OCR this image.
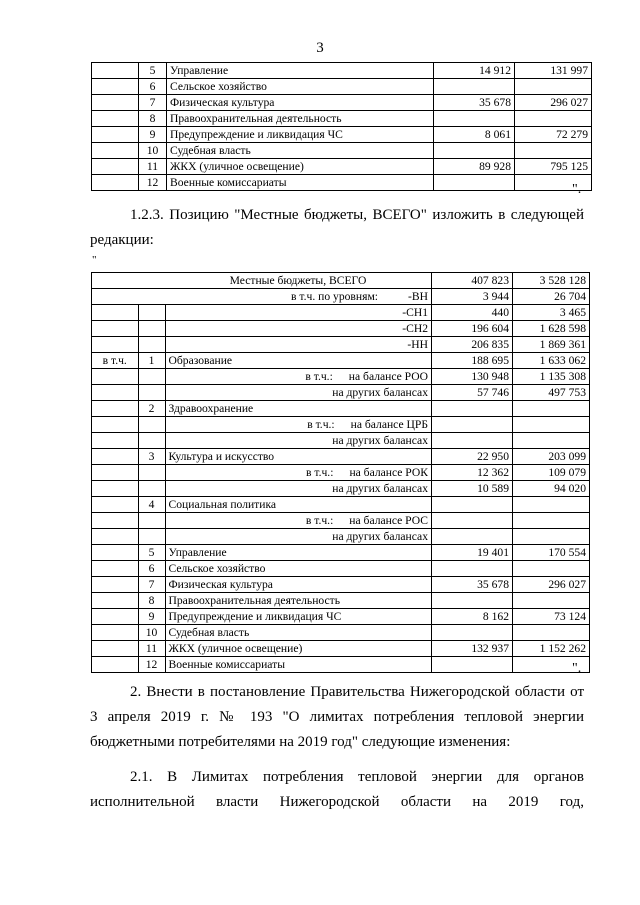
3
	5	Управление	14 912	131 997
	6	Сельское хозяйство		
	7	Физическая культура	35 678	296 027
	8	Правоохранительная деятельность		
	9	Предупреждение и ликвидация ЧС	8 061	72 279
	10	Судебная власть		
	11	ЖКХ (уличное освещение)	89 928	795 125
	12	Военные комиссариаты			".

1.2.3. Позицию "Местные бюджеты, ВСЕГО" изложить в следующей редакции:

"
		Местные бюджеты, ВСЕГО	407 823	3 528 128

		в т.ч. по уровням: -ВН	3 944	26 704

		-СН1	440	3 465

		-СН2	196 604	1 628 598

		-НН	206 835	1 869 361
в т.ч.	1	Образование	188 695	1 633 062

		в т.ч.: на балансе РОО	130 948	1 135 308

		на других балансах	57 746	497 753
	2	Здравоохранение		

		в т.ч.: на балансе ЦРБ		

		на других балансах		

	3	Культура и искусство	22 950	203 099

		в т.ч.: на балансе РОК	12 362	109 079

		на других балансах	10 589	94 020
	4	Социальная политика		

		в т.ч.: на балансе РОС		

		на других балансах		

	5	Управление	19 401	170 554
	6	Сельское хозяйство		
	7	Физическая культура	35 678	296 027
	8	Правоохранительная деятельность		
	9	Предупреждение и ликвидация ЧС	8 162	73 124
	10	Судебная власть		
	11	ЖКХ (уличное освещение)	132 937	1 152 262
	12	Военные комиссариаты			".

2. Внести в постановление Правительства Нижегородской области от 3 апреля 2019 г. № 193 "О лимитах потребления тепловой энергии бюджетными потребителями на 2019 год" следующие изменения:

2.1. В Лимитах потребления тепловой энергии для органов исполнительной власти Нижегородской области на 2019 год,
